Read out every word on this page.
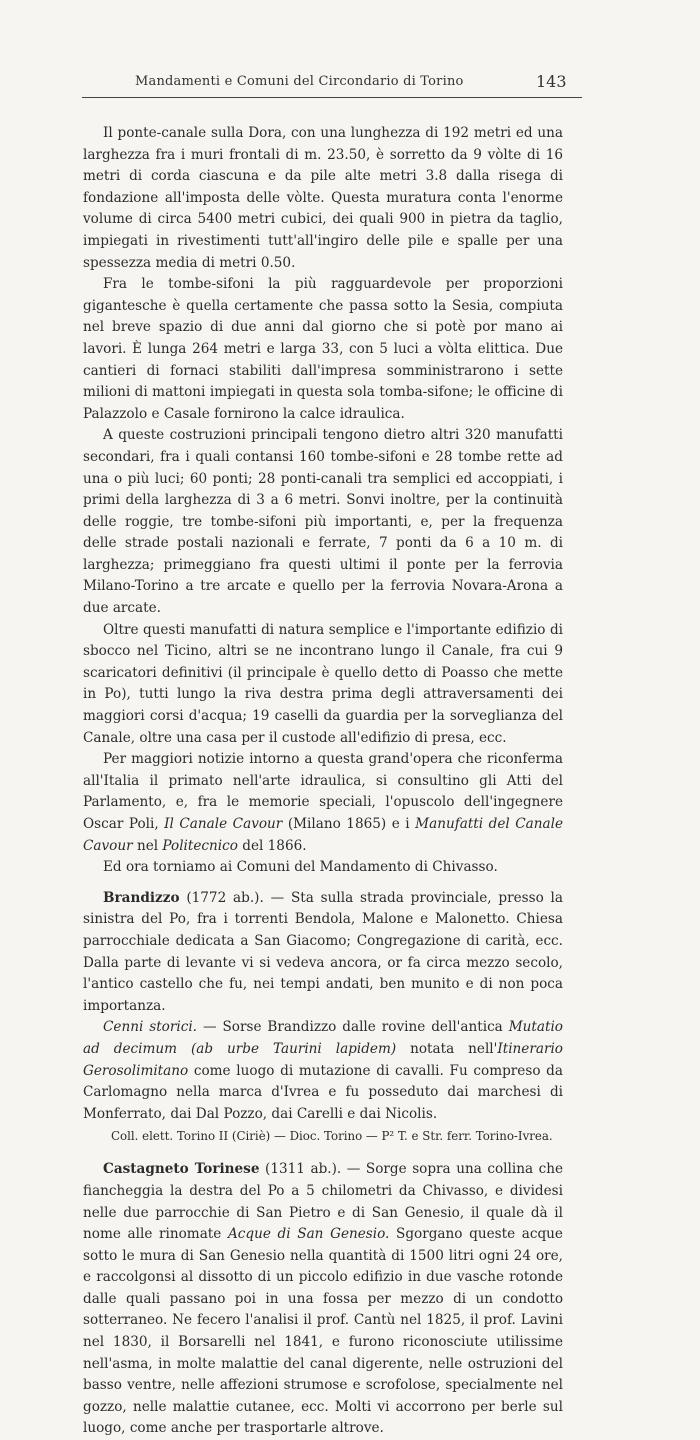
Mandamenti e Comuni del Circondario di Torino	143

Il ponte-canale sulla Dora, con una lunghezza di 192 metri ed una larghezza fra i muri frontali di m. 23.50, è sorretto da 9 vòlte di 16 metri di corda ciascuna e da pile alte metri 3.8 dalla risega di fondazione all'imposta delle vòlte. Questa muratura conta l'enorme volume di circa 5400 metri cubici, dei quali 900 in pietra da taglio, impiegati in rivestimenti tutt'all'ingiro delle pile e spalle per una spessezza media di metri 0.50.

Fra le tombe-sifoni la più ragguardevole per proporzioni gigantesche è quella certamente che passa sotto la Sesia, compiuta nel breve spazio di due anni dal giorno che si potè por mano ai lavori. È lunga 264 metri e larga 33, con 5 luci a vòlta elittica. Due cantieri di fornaci stabiliti dall'impresa somministrarono i sette milioni di mattoni impiegati in questa sola tomba-sifone; le officine di Palazzolo e Casale fornirono la calce idraulica.

A queste costruzioni principali tengono dietro altri 320 manufatti secondari, fra i quali contansi 160 tombe-sifoni e 28 tombe rette ad una o più luci; 60 ponti; 28 ponti-canali tra semplici ed accoppiati, i primi della larghezza di 3 a 6 metri. Sonvi inoltre, per la continuità delle roggie, tre tombe-sifoni più importanti, e, per la frequenza delle strade postali nazionali e ferrate, 7 ponti da 6 a 10 m. di larghezza; primeggiano fra questi ultimi il ponte per la ferrovia Milano-Torino a tre arcate e quello per la ferrovia Novara-Arona a due arcate.

Oltre questi manufatti di natura semplice e l'importante edifizio di sbocco nel Ticino, altri se ne incontrano lungo il Canale, fra cui 9 scaricatori definitivi (il principale è quello detto di Poasso che mette in Po), tutti lungo la riva destra prima degli attraversamenti dei maggiori corsi d'acqua; 19 caselli da guardia per la sorveglianza del Canale, oltre una casa per il custode all'edifizio di presa, ecc.

Per maggiori notizie intorno a questa grand'opera che riconferma all'Italia il primato nell'arte idraulica, si consultino gli Atti del Parlamento, e, fra le memorie speciali, l'opuscolo dell'ingegnere Oscar Poli, Il Canale Cavour (Milano 1865) e i Manufatti del Canale Cavour nel Politecnico del 1866.

Ed ora torniamo ai Comuni del Mandamento di Chivasso.

Brandizzo (1772 ab.). — Sta sulla strada provinciale, presso la sinistra del Po, fra i torrenti Bendola, Malone e Malonetto. Chiesa parrocchiale dedicata a San Giacomo; Congregazione di carità, ecc. Dalla parte di levante vi si vedeva ancora, or fa circa mezzo secolo, l'antico castello che fu, nei tempi andati, ben munito e di non poca importanza.

Cenni storici. — Sorse Brandizzo dalle rovine dell'antica Mutatio ad decimum (ab urbe Taurini lapidem) notata nell'Itinerario Gerosolimitano come luogo di mutazione di cavalli. Fu compreso da Carlomagno nella marca d'Ivrea e fu posseduto dai marchesi di Monferrato, dai Dal Pozzo, dai Carelli e dai Nicolis.

Coll. elett. Torino II (Ciriè) — Dioc. Torino — P² T. e Str. ferr. Torino-Ivrea.

Castagneto Torinese (1311 ab.). — Sorge sopra una collina che fiancheggia la destra del Po a 5 chilometri da Chivasso, e dividesi nelle due parrocchie di San Pietro e di San Genesio, il quale dà il nome alle rinomate Acque di San Genesio. Sgorgano queste acque sotto le mura di San Genesio nella quantità di 1500 litri ogni 24 ore, e raccolgonsi al dissotto di un piccolo edifizio in due vasche rotonde dalle quali passano poi in una fossa per mezzo di un condotto sotterraneo. Ne fecero l'analisi il prof. Cantù nel 1825, il prof. Lavini nel 1830, il Borsarelli nel 1841, e furono riconosciute utilissime nell'asma, in molte malattie del canal digerente, nelle ostruzioni del basso ventre, nelle affezioni strumose e scrofolose, specialmente nel gozzo, nelle malattie cutanee, ecc. Molti vi accorrono per berle sul luogo, come anche per trasportarle altrove.
